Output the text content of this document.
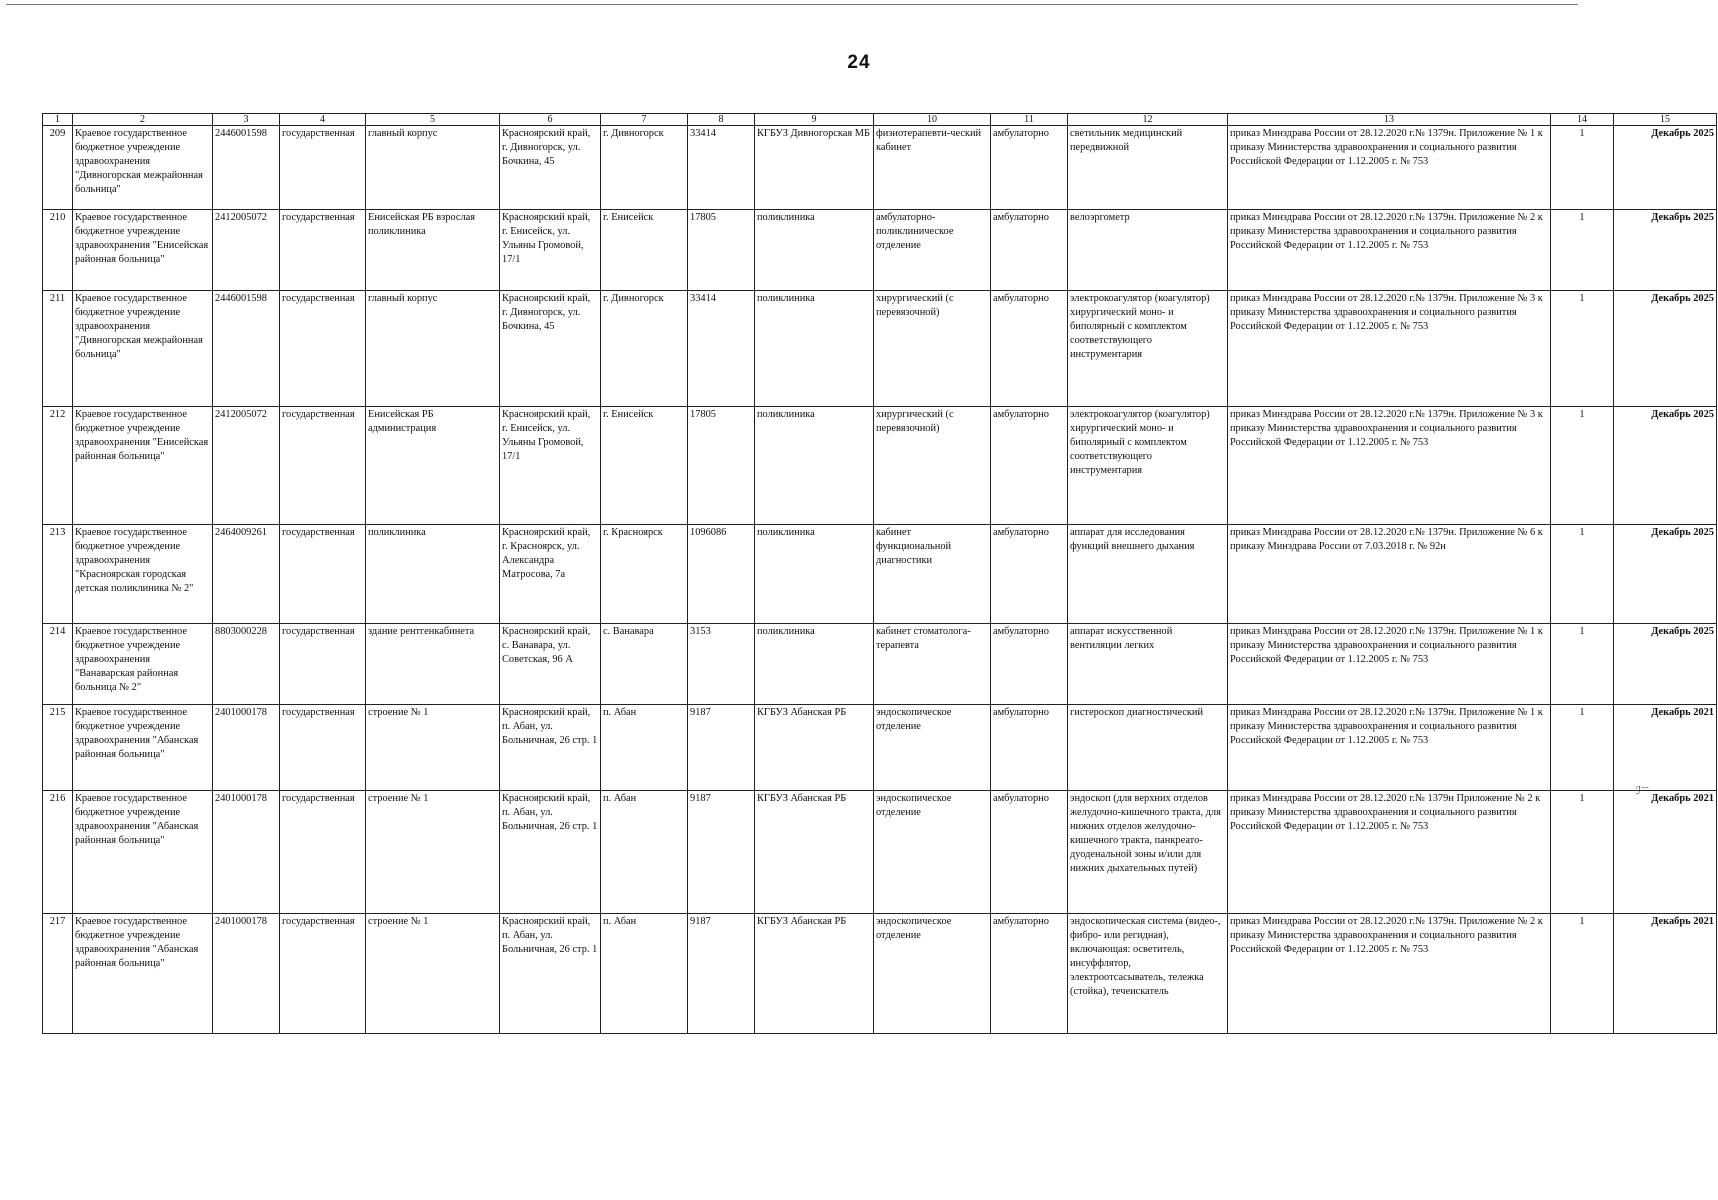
24
1	2	3	4	5	6	7	8	9	10	11	12	13	14	15
209	Краевое государственное бюджетное учреждение здравоохранения "Дивногорская межрайонная больница"	2446001598	государственная	главный корпус	Красноярский край, г. Дивногорск, ул. Бочкина, 45	г. Дивногорск	33414	КГБУЗ Дивногорская МБ	физиотерапевти-ческий кабинет	амбулаторно	светильник медицинский передвижной	приказ Минздрава России от 28.12.2020 г.№ 1379н. Приложение № 1 к приказу Министерства здравоохранения и социального развития Российской Федерации от 1.12.2005 г. № 753	1	Декабрь 2025
210	Краевое государственное бюджетное учреждение здравоохранения "Енисейская районная больница"	2412005072	государственная	Енисейская РБ взрослая поликлиника	Красноярский край, г. Енисейск, ул. Ульяны Громовой, 17/1	г. Енисейск	17805	поликлиника	амбулаторно-поликлиническое отделение	амбулаторно	велоэргометр	приказ Минздрава России от 28.12.2020 г.№ 1379н. Приложение № 2 к приказу Министерства здравоохранения и социального развития Российской Федерации от 1.12.2005 г. № 753	1	Декабрь 2025
211	Краевое государственное бюджетное учреждение здравоохранения "Дивногорская межрайонная больница"	2446001598	государственная	главный корпус	Красноярский край, г. Дивногорск, ул. Бочкина, 45	г. Дивногорск	33414	поликлиника	хирургический (с перевязочной)	амбулаторно	электрокоагулятор (коагулятор) хирургический моно- и биполярный с комплектом соответствующего инструментария	приказ Минздрава России от 28.12.2020 г.№ 1379н. Приложение № 3 к приказу Министерства здравоохранения и социального развития Российской Федерации от 1.12.2005 г. № 753	1	Декабрь 2025
212	Краевое государственное бюджетное учреждение здравоохранения "Енисейская районная больница"	2412005072	государственная	Енисейская РБ администрация	Красноярский край, г. Енисейск, ул. Ульяны Громовой, 17/1	г. Енисейск	17805	поликлиника	хирургический (с перевязочной)	амбулаторно	электрокоагулятор (коагулятор) хирургический моно- и биполярный с комплектом соответствующего инструментария	приказ Минздрава России от 28.12.2020 г.№ 1379н. Приложение № 3 к приказу Министерства здравоохранения и социального развития Российской Федерации от 1.12.2005 г. № 753	1	Декабрь 2025
213	Краевое государственное бюджетное учреждение здравоохранения "Красноярская городская детская поликлиника № 2"	2464009261	государственная	поликлиника	Красноярский край, г. Красноярск, ул. Александра Матросова, 7а	г. Красноярск	1096086	поликлиника	кабинет функциональной диагностики	амбулаторно	аппарат для исследования функций внешнего дыхания	приказ Минздрава России от 28.12.2020 г.№ 1379н. Приложение № 6 к приказу Минздрава России от 7.03.2018 г. № 92н	1	Декабрь 2025
214	Краевое государственное бюджетное учреждение здравоохранения "Ванаварская районная больница № 2"	8803000228	государственная	здание рентгенкабинета	Красноярский край, с. Ванавара, ул. Советская, 96 А	с. Ванавара	3153	поликлиника	кабинет стоматолога-терапевта	амбулаторно	аппарат искусственной вентиляции легких	приказ Минздрава России от 28.12.2020 г.№ 1379н. Приложение № 1 к приказу Министерства здравоохранения и социального развития Российской Федерации от 1.12.2005 г. № 753	1	Декабрь 2025
215	Краевое государственное бюджетное учреждение здравоохранения "Абанская районная больница"	2401000178	государственная	строение № 1	Красноярский край, п. Абан, ул. Больничная, 26 стр. 1	п. Абан	9187	КГБУЗ Абанская РБ	эндоскопическое отделение	амбулаторно	гистероскоп диагностический	приказ Минздрава России от 28.12.2020 г.№ 1379н. Приложение № 1 к приказу Министерства здравоохранения и социального развития Российской Федерации от 1.12.2005 г. № 753	1	Декабрь 2021
216	Краевое государственное бюджетное учреждение здравоохранения "Абанская районная больница"	2401000178	государственная	строение № 1	Красноярский край, п. Абан, ул. Больничная, 26 стр. 1	п. Абан	9187	КГБУЗ Абанская РБ	эндоскопическое отделение	амбулаторно	эндоскоп (для верхних отделов желудочно-кишечного тракта, для нижних отделов желудочно-кишечного тракта, панкреато-дуоденальной зоны и/или для нижних дыхательных путей)	приказ Минздрава России от 28.12.2020 г.№ 1379н Приложение № 2 к приказу Министерства здравоохранения и социального развития Российской Федерации от 1.12.2005 г. № 753	1	Декабрь 2021
217	Краевое государственное бюджетное учреждение здравоохранения "Абанская районная больница"	2401000178	государственная	строение № 1	Красноярский край, п. Абан, ул. Больничная, 26 стр. 1	п. Абан	9187	КГБУЗ Абанская РБ	эндоскопическое отделение	амбулаторно	эндоскопическая система (видео-, фибро- или регидная), включающая: осветитель, инсуффлятор, электроотсасыватель, тележка (стойка), течеискатель	приказ Минздрава России от 28.12.2020 г.№ 1379н. Приложение № 2 к приказу Министерства здравоохранения и социального развития Российской Федерации от 1.12.2005 г. № 753	1	Декабрь 2021
ℐ˜˜
